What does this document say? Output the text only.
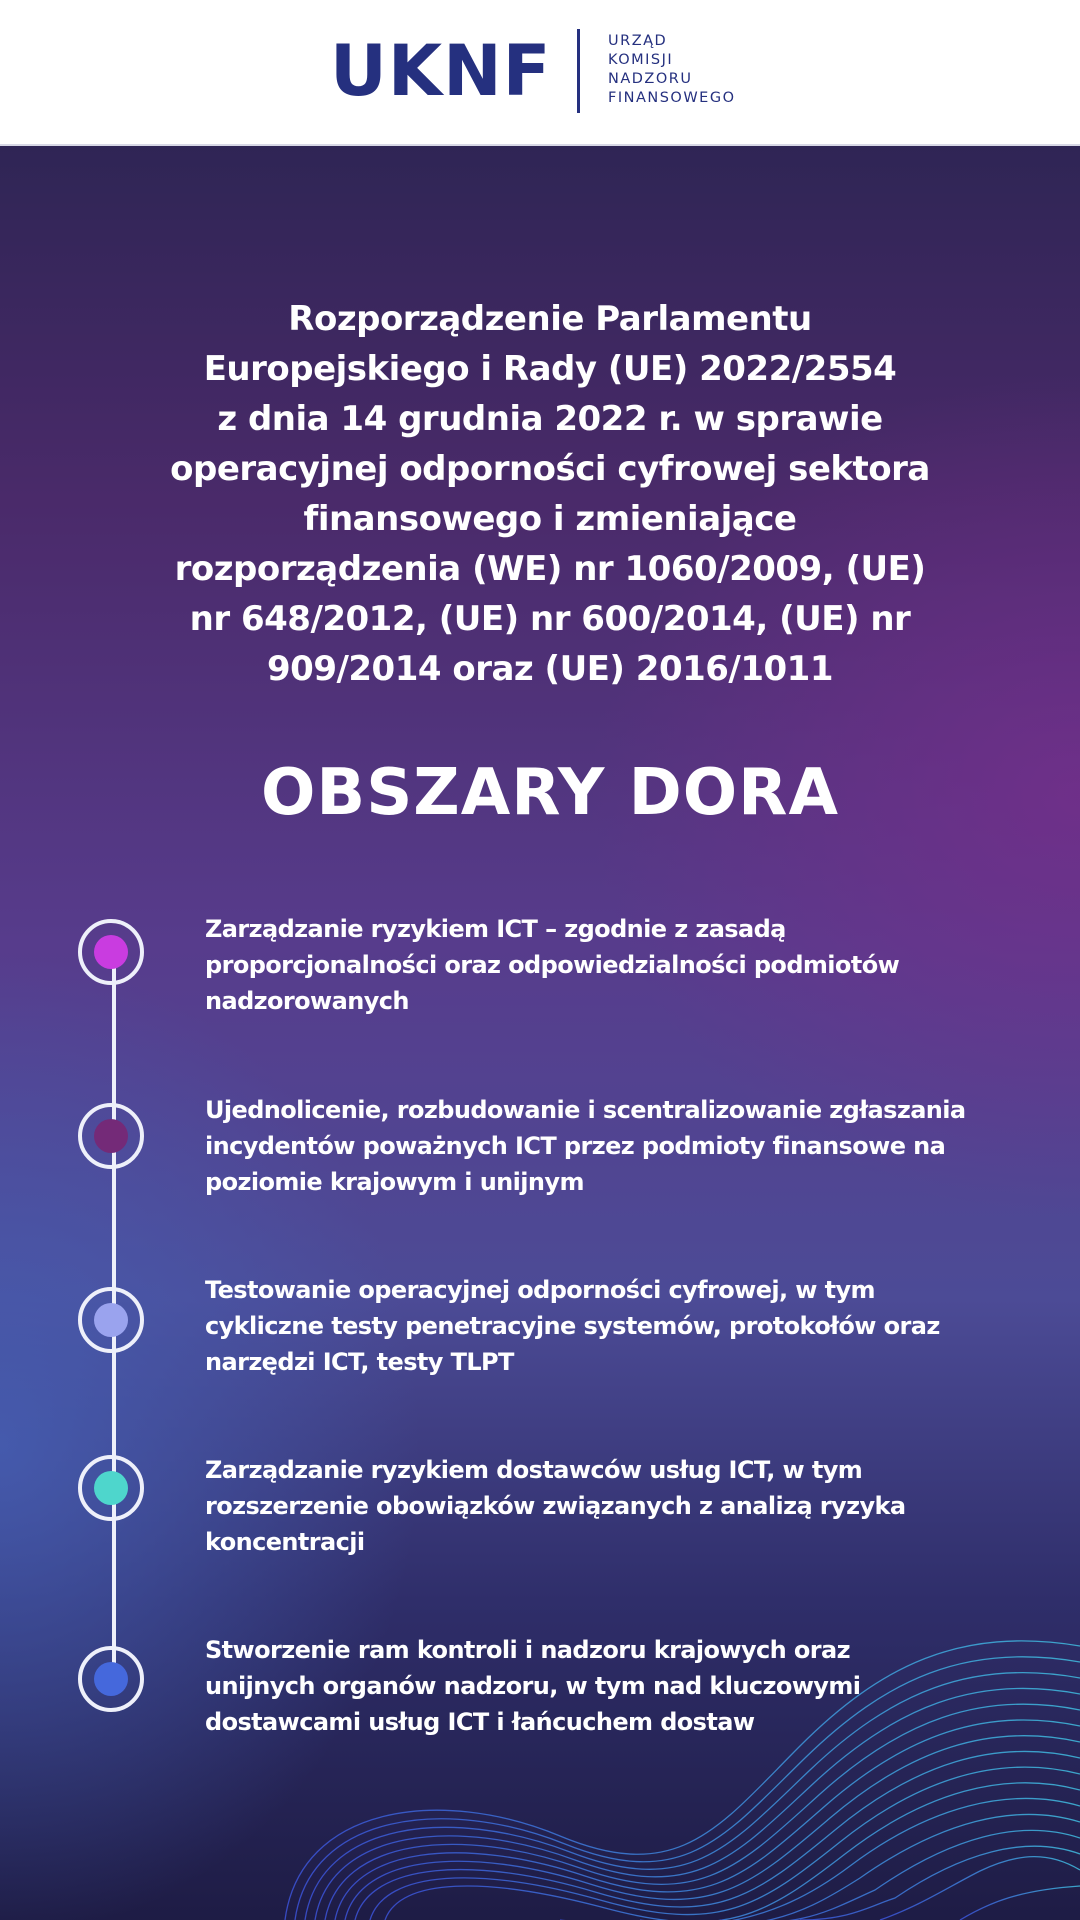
UKNF	URZĄD
KOMISJI
NADZORU
FINANSOWEGO
Rozporządzenie Parlamentu
Europejskiego i Rady (UE) 2022/2554
z dnia 14 grudnia 2022 r. w sprawie
operacyjnej odporności cyfrowej sektora
finansowego i zmieniające
rozporządzenia (WE) nr 1060/2009, (UE)
nr 648/2012, (UE) nr 600/2014, (UE) nr
909/2014 oraz (UE) 2016/1011
OBSZARY DORA
Zarządzanie ryzykiem ICT – zgodnie z zasadą
proporcjonalności oraz odpowiedzialności podmiotów
nadzorowanych
Ujednolicenie, rozbudowanie i scentralizowanie zgłaszania
incydentów poważnych ICT przez podmioty finansowe na
poziomie krajowym i unijnym
Testowanie operacyjnej odporności cyfrowej, w tym
cykliczne testy penetracyjne systemów, protokołów oraz
narzędzi ICT, testy TLPT
Zarządzanie ryzykiem dostawców usług ICT, w tym
rozszerzenie obowiązków związanych z analizą ryzyka
koncentracji
Stworzenie ram kontroli i nadzoru krajowych oraz
unijnych organów nadzoru, w tym nad kluczowymi
dostawcami usług ICT i łańcuchem dostaw
